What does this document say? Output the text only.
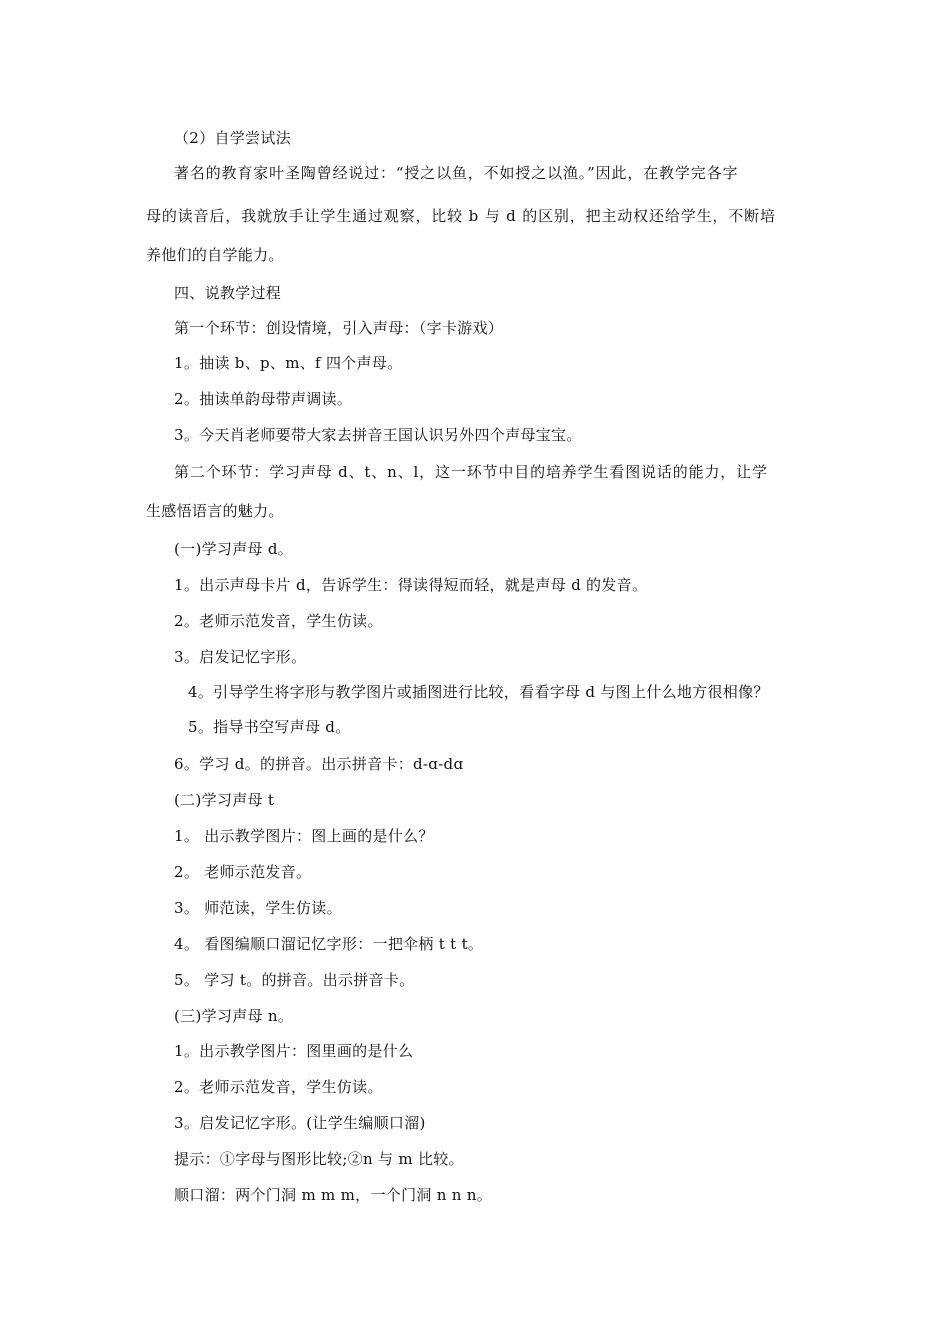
（2）自学尝试法
著名的教育家叶圣陶曾经说过：“授之以鱼，不如授之以渔。”因此，在教学完各字
母的读音后，我就放手让学生通过观察，比较 b 与 d 的区别，把主动权还给学生，不断培
养他们的自学能力。
四、说教学过程
第一个环节：创设情境，引入声母：（字卡游戏）
1。抽读 b、p、m、f 四个声母。
2。抽读单韵母带声调读。
3。今天肖老师要带大家去拼音王国认识另外四个声母宝宝。
第二个环节：学习声母 d、t、n、l，这一环节中目的培养学生看图说话的能力，让学
生感悟语言的魅力。
(一)学习声母 d。
1。出示声母卡片 d，告诉学生：得读得短而轻，就是声母 d 的发音。
2。老师示范发音，学生仿读。
3。启发记忆字形。
4。引导学生将字形与教学图片或插图进行比较，看看字母 d 与图上什么地方很相像？
5。指导书空写声母 d。
6。学习 d。的拼音。出示拼音卡：d-ɑ-dɑ
(二)学习声母 t
1。 出示教学图片：图上画的是什么？
2。 老师示范发音。
3。 师范读，学生仿读。
4。 看图编顺口溜记忆字形：一把伞柄 t t t。
5。 学习 t。的拼音。出示拼音卡。
(三)学习声母 n。
1。出示教学图片：图里画的是什么
2。老师示范发音，学生仿读。
3。启发记忆字形。(让学生编顺口溜)
提示：①字母与图形比较;②n 与 m 比较。
顺口溜：两个门洞 m m m，一个门洞 n n n。
